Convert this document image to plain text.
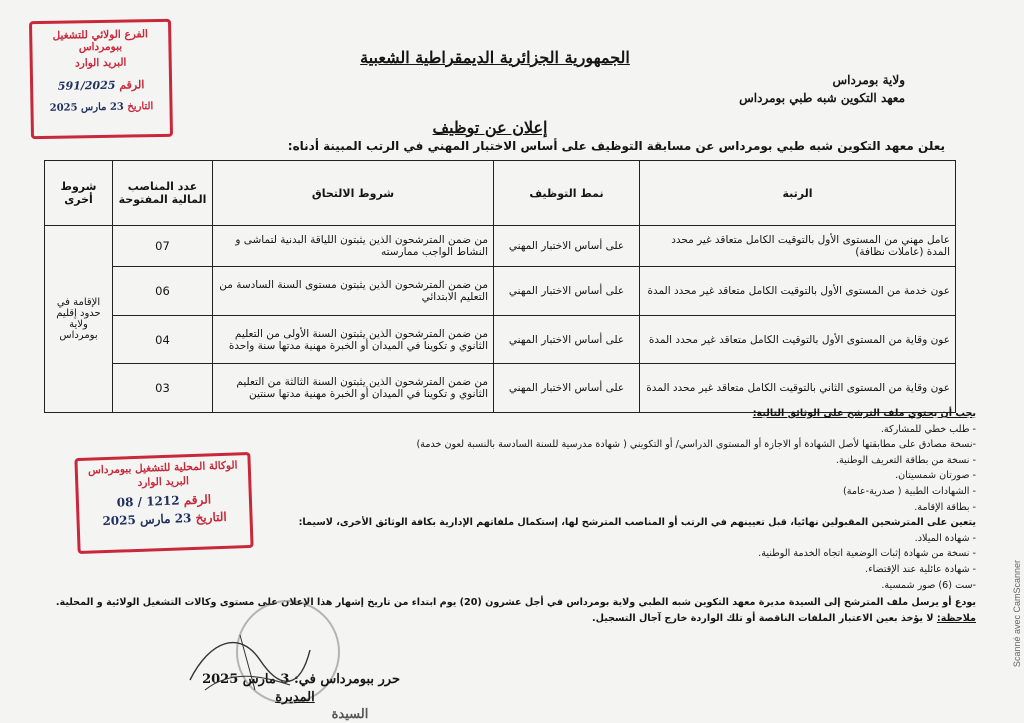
الفرع الولائي للتشغيل ببومرداس
البريد الوارد
الرقم 591/2025
التاريخ 23 مارس 2025
الجمهورية الجزائرية الديمقراطية الشعبية
ولاية بومرداس
معهد التكوين شبه طبي بومرداس
إعلان عن توظيف
يعلن معهد التكوين شبه طبي بومرداس عن مسابقة التوظيف على أساس الاختبار المهني في الرتب المبينة أدناه:
الرتبة	نمط التوظيف	شروط الالتحاق	عدد المناصب المالية المفتوحة	شروط أخرى
عامل مهني من المستوى الأول بالتوقيت الكامل متعاقد غير محدد المدة (عاملات نظافة)	على أساس الاختبار المهني	من ضمن المترشحون الذين يثبتون اللياقة البدنية لتماشى و النشاط الواجب ممارسته	07	الإقامة في حدود إقليم ولاية بومرداس
عون خدمة من المستوى الأول بالتوقيت الكامل متعاقد غير محدد المدة	على أساس الاختبار المهني	من ضمن المترشحون الذين يثبتون مستوى السنة السادسة من التعليم الابتدائي	06	
عون وقاية من المستوى الأول بالتوقيت الكامل متعاقد غير محدد المدة	على أساس الاختبار المهني	من ضمن المترشحون الذين يثبتون السنة الأولى من التعليم الثانوي و تكوينا في الميدان أو الخبرة مهنية مدتها سنة واحدة	04	
عون وقاية من المستوى الثاني بالتوقيت الكامل متعاقد غير محدد المدة	على أساس الاختبار المهني	من ضمن المترشحون الذين يثبتون السنة الثالثة من التعليم الثانوي و تكوينا في الميدان أو الخبرة مهنية مدتها سنتين	03	
يجب أن يحتوي ملف الترشح على الوثائق التالية:
- طلب خطي للمشاركة.
-نسخة مصادق على مطابقتها لأصل الشهادة أو الاجازة أو المستوى الدراسي/ أو التكويني ( شهادة مدرسية للسنة السادسة بالنسبة لعون خدمة)
- نسخة من بطاقة التعريف الوطنية.
- صورتان شمسيتان.
- الشهادات الطبية ( صدرية-عامة)
- بطاقة الإقامة.
يتعين على المترشحين المقبولين نهائيا، قبل تعيينهم في الرتب أو المناصب المترشح لها، إستكمال ملفاتهم الإدارية بكافة الوثائق الأخرى، لاسيما:
- شهادة الميلاد.
- نسخة من شهادة إثبات الوضعية اتجاه الخدمة الوطنية.
- شهادة عائلية عند الإقتضاء.
-ست (6) صور شمسية.
يودع أو يرسل ملف المترشح إلى السيدة مديرة معهد التكوين شبه الطبي ولاية بومرداس في أجل عشرون (20) يوم ابتداء من تاريخ إشهار هذا الإعلان على مستوى وكالات التشغيل الولائية و المحلية.
ملاحظة: لا يؤخذ بعين الاعتبار الملفات الناقصة أو تلك الواردة خارج آجال التسجيل.
الوكالة المحلية للتشغيل ببومرداس
البريد الوارد
الرقم 08 / 1212
التاريخ 23 مارس 2025
حرر ببومرداس في: 3 مارس 2025
المديرة
السيدة
Scanné avec CamScanner
